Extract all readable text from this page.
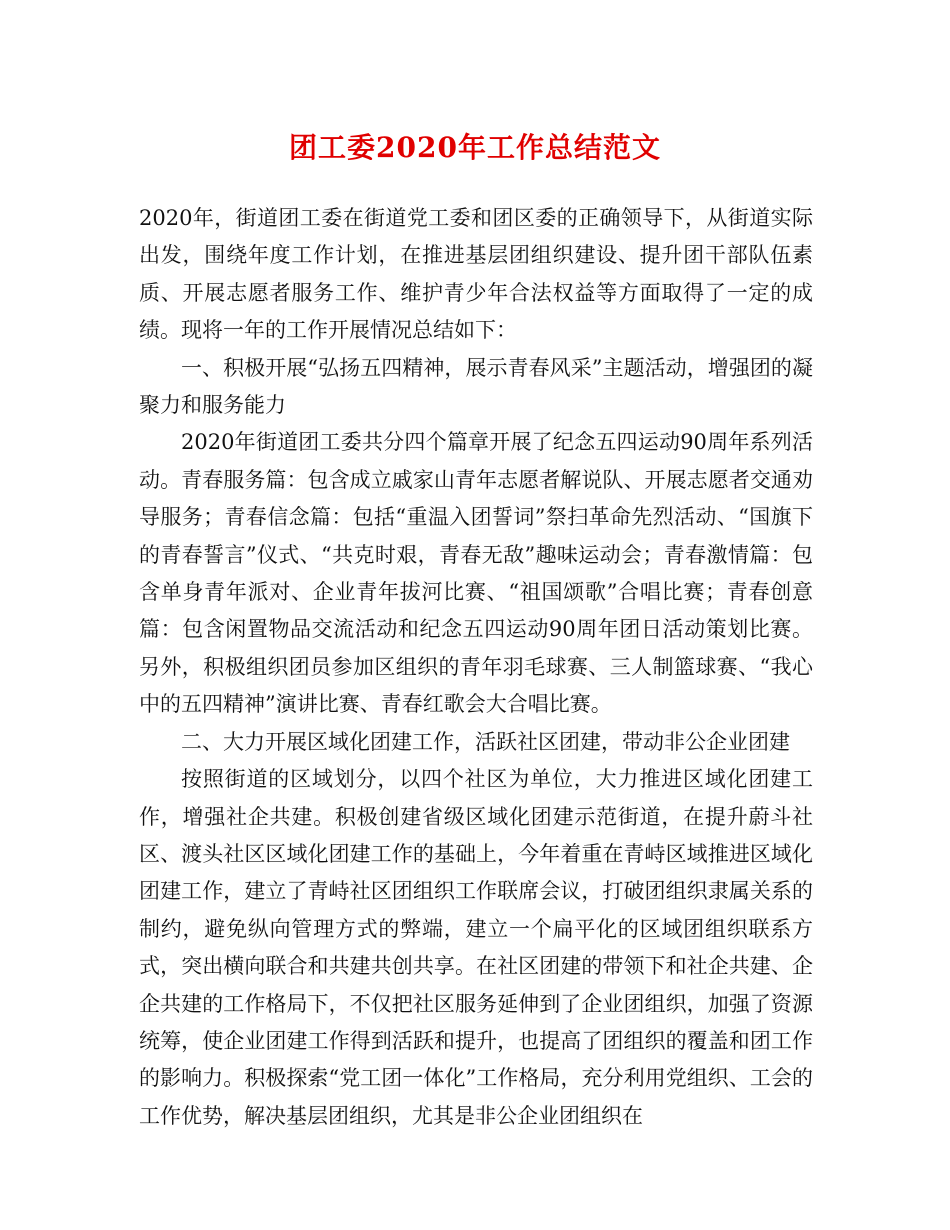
团工委2020年工作总结范文

2020年，街道团工委在街道党工委和团区委的正确领导下，从街道实际出发，围绕年度工作计划，在推进基层团组织建设、提升团干部队伍素质、开展志愿者服务工作、维护青少年合法权益等方面取得了一定的成绩。现将一年的工作开展情况总结如下：

一、积极开展“弘扬五四精神，展示青春风采”主题活动，增强团的凝聚力和服务能力

2020年街道团工委共分四个篇章开展了纪念五四运动90周年系列活动。青春服务篇：包含成立戚家山青年志愿者解说队、开展志愿者交通劝导服务；青春信念篇：包括“重温入团誓词”祭扫革命先烈活动、“国旗下的青春誓言”仪式、“共克时艰，青春无敌”趣味运动会；青春激情篇：包含单身青年派对、企业青年拔河比赛、“祖国颂歌”合唱比赛；青春创意篇：包含闲置物品交流活动和纪念五四运动90周年团日活动策划比赛。另外，积极组织团员参加区组织的青年羽毛球赛、三人制篮球赛、“我心中的五四精神”演讲比赛、青春红歌会大合唱比赛。

二、大力开展区域化团建工作，活跃社区团建，带动非公企业团建

按照街道的区域划分，以四个社区为单位，大力推进区域化团建工作，增强社企共建。积极创建省级区域化团建示范街道，在提升蔚斗社区、渡头社区区域化团建工作的基础上，今年着重在青峙区域推进区域化团建工作，建立了青峙社区团组织工作联席会议，打破团组织隶属关系的制约，避免纵向管理方式的弊端，建立一个扁平化的区域团组织联系方式，突出横向联合和共建共创共享。在社区团建的带领下和社企共建、企企共建的工作格局下，不仅把社区服务延伸到了企业团组织，加强了资源统筹，使企业团建工作得到活跃和提升，也提高了团组织的覆盖和团工作的影响力。积极探索“党工团一体化”工作格局，充分利用党组织、工会的工作优势，解决基层团组织，尤其是非公企业团组织在
